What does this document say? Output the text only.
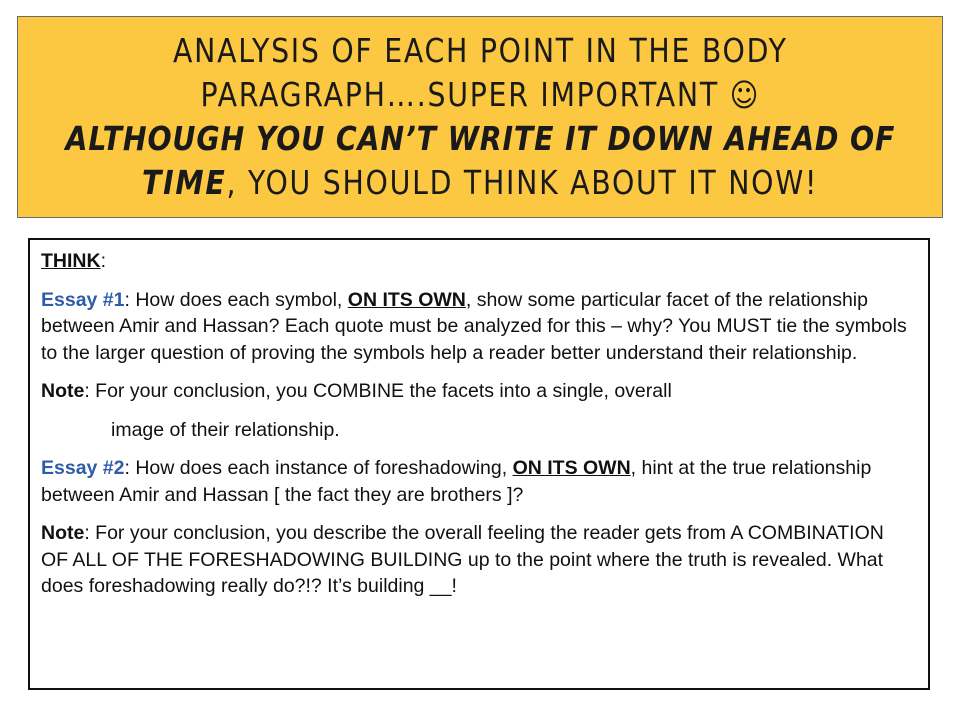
ANALYSIS OF EACH POINT IN THE BODY
PARAGRAPH….SUPER IMPORTANT ☺
ALTHOUGH YOU CAN’T WRITE IT DOWN AHEAD OF
TIME, YOU SHOULD THINK ABOUT IT NOW!

THINK:

Essay #1: How does each symbol, ON ITS OWN, show some particular facet of the relationship between Amir and Hassan? Each quote must be analyzed for this – why? You MUST tie the symbols to the larger question of proving the symbols help a reader better understand their relationship.

Note: For your conclusion, you COMBINE the facets into a single, overall

image of their relationship.

Essay #2: How does each instance of foreshadowing, ON ITS OWN, hint at the true relationship between Amir and Hassan [ the fact they are brothers ]?

Note: For your conclusion, you describe the overall feeling the reader gets from A COMBINATION OF ALL OF THE FORESHADOWING BUILDING up to the point where the truth is revealed. What does foreshadowing really do?!? It’s building __!
